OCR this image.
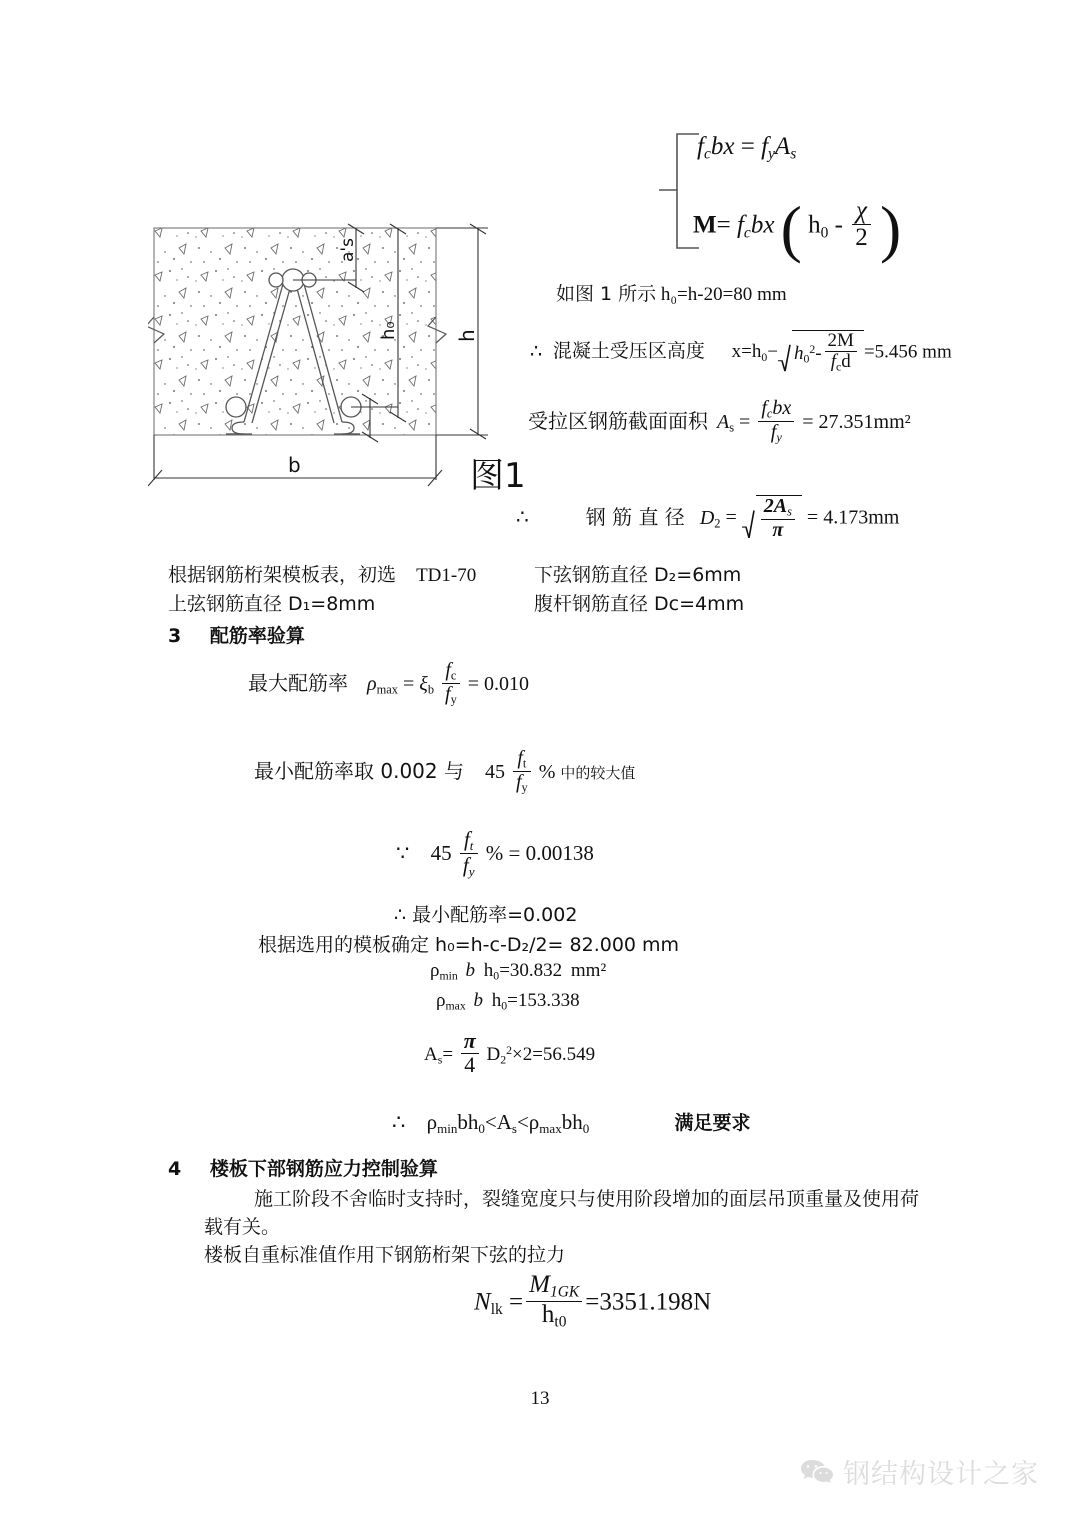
fcbx = fyAs
M= fcbx ( $h_0 - \frac{\chi}{2}$ )
a's
h₀	h
b	图1
如图 1 所示 h₀=h-20=80 mm
∴ 混凝土受压区高度 $x=h_0- h_0^2- \frac{2M}{f_cd} =5.456$ mm
受拉区钢筋截面面积 $A_s = \frac{\text{fcbx}}{fy} = 27.351mm^2$
∴	钢 筋 直 径 $D_2 = \frac{2As}{\pi} = 4.173mm$
根据钢筋桁架模板表，初选 TD1-70	下弦钢筋直径 D₂=6mm
上弦钢筋直径 D₁=8mm	腹杆钢筋直径 Dc=4mm
3 配筋率验算
最大配筋率 $\rho_{max} = \xi_b \frac{f_c}{f_y} = 0.010$
最小配筋率取 0.002 与 $45 \frac{f_t}{f_y}$ % 中的较大值
∵ $45 \frac{ft}{fy}$ % = 0.00138
∴ 最小配筋率=0.002
根据选用的模板确定 h₀=h-c-D₂/2= 82.000 mm
$\rho_{min}$ b $h_0=30.832$ mm²
$\rho_{max}$ b $h_0=153.338$
$A_s= \frac{\pi}{4} D_2^2\times 2=56.549$
∴ $\rho_{min}bh_0<A_s<\rho_{max}bh_0$	满足要求
4 楼板下部钢筋应力控制验算
施工阶段不舍临时支持时，裂缝宽度只与使用阶段增加的面层吊顶重量及使用荷
载有关。
楼板自重标准值作用下钢筋桁架下弦的拉力
$N_{lk} = \frac{M1GK}{h_{t0}} =3351.198N$
13
钢结构设计之家
